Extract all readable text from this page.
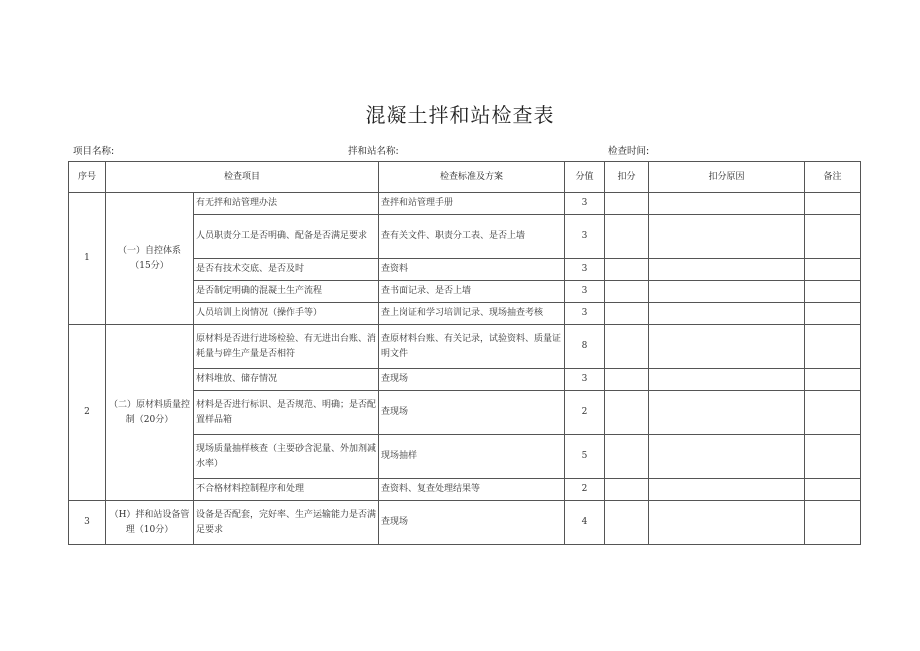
混凝土拌和站检查表
项目名称:	拌和站名称:	检查时间:
序号	检查项目		检查标准及方案	分值	扣分	扣分原因	备注
1	（一）自控体系（15分）	有无拌和站管理办法	查拌和站管理手册	3			
		人员职责分工是否明确、配备是否满足要求	查有关文件、职责分工表、是否上墙	3			
		是否有技术交底、是否及时	查资料	3			
		是否制定明确的混凝土生产流程	查书面记录、是否上墙	3			
		人员培训上岗情况（操作手等）	查上岗证和学习培训记录、现场抽查考核	3			
2	（二）原材料质量控制（20分）	原材料是否进行进场检验、有无进出台账、消耗量与碎生产量是否相符	查原材料台账、有关记录，试验资料、质量证明文件	8			
		材料堆放、储存情况	查现场	3			
		材料是否进行标识、是否规范、明确；是否配置样品箱	查现场	2			
		现场质量抽样核查（主要砂含泥量、外加剂减水率）	现场抽样	5			
		不合格材料控制程序和处理	查资料、复查处理结果等	2			
3	（H）拌和站设备管理（10分）	设备是否配套，完好率、生产运输能力是否满足要求	查现场	4			
